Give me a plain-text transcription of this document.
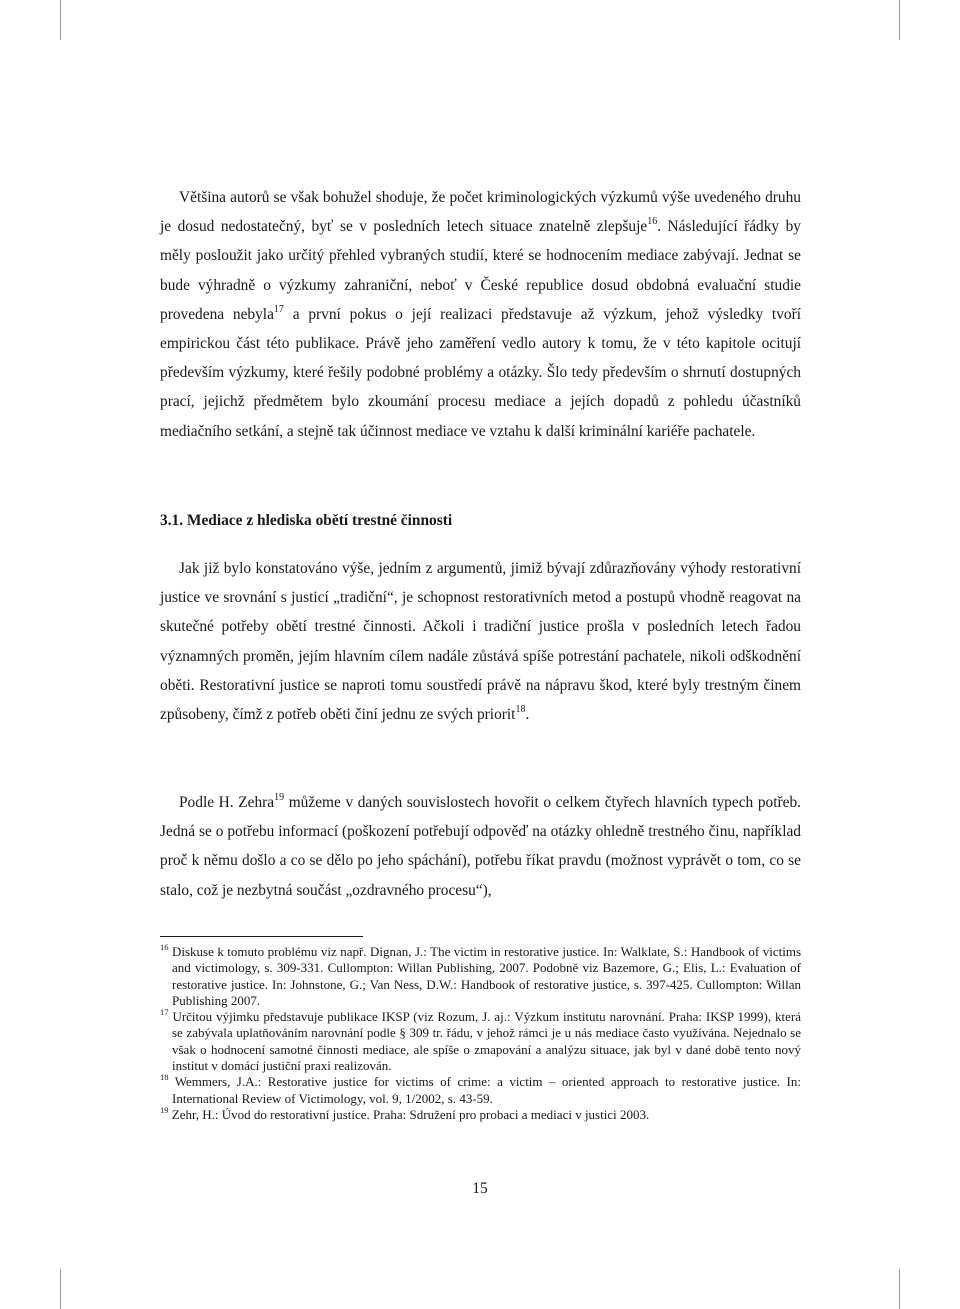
Většina autorů se však bohužel shoduje, že počet kriminologických výzkumů výše uvedeného druhu je dosud nedostatečný, byť se v posledních letech situace znatelně zlepšuje$^{16}$. Následující řádky by měly posloužit jako určitý přehled vybraných studií, které se hodnocením mediace zabývají. Jednat se bude výhradně o výzkumy zahraniční, neboť v České republice dosud obdobná evaluační studie provedena nebyla$^{17}$ a první pokus o její realizaci představuje až výzkum, jehož výsledky tvoří empirickou část této publikace. Právě jeho zaměření vedlo autory k tomu, že v této kapitole ocitují především výzkumy, které řešily podobné problémy a otázky. Šlo tedy především o shrnutí dostupných prací, jejichž předmětem bylo zkoumání procesu mediace a jejích dopadů z pohledu účastníků mediačního setkání, a stejně tak účinnost mediace ve vztahu k další kriminální kariéře pachatele.

3.1. Mediace z hlediska obětí trestné činnosti

Jak již bylo konstatováno výše, jedním z argumentů, jimiž bývají zdůrazňovány výhody restorativní justice ve srovnání s justicí „tradiční“, je schopnost restorativních metod a postupů vhodně reagovat na skutečné potřeby obětí trestné činnosti. Ačkoli i tradiční justice prošla v posledních letech řadou významných proměn, jejím hlavním cílem nadále zůstává spíše potrestání pachatele, nikoli odškodnění oběti. Restorativní justice se naproti tomu soustředí právě na nápravu škod, které byly trestným činem způsobeny, čímž z potřeb oběti činí jednu ze svých priorit$^{18}$.

Podle H. Zehra$^{19}$ můžeme v daných souvislostech hovořit o celkem čtyřech hlavních typech potřeb. Jedná se o potřebu informací (poškození potřebují odpověď na otázky ohledně trestného činu, například proč k němu došlo a co se dělo po jeho spáchání), potřebu říkat pravdu (možnost vyprávět o tom, co se stalo, což je nezbytná součást „ozdravného procesu“),

$^{16}$ Diskuse k tomuto problému viz např. Dignan, J.: The victim in restorative justice. In: Walklate, S.: Handbook of victims and victimology, s. 309-331. Cullompton: Willan Publishing, 2007. Podobně viz Bazemore, G.; Elis, L.: Evaluation of restorative justice. In: Johnstone, G.; Van Ness, D.W.: Handbook of restorative justice, s. 397-425. Cullompton: Willan Publishing 2007.

$^{17}$ Určitou výjimku představuje publikace IKSP (viz Rozum, J. aj.: Výzkum institutu narovnání. Praha: IKSP 1999), která se zabývala uplatňováním narovnání podle § 309 tr. řádu, v jehož rámci je u nás mediace často využívána. Nejednalo se však o hodnocení samotné činnosti mediace, ale spíše o zmapování a analýzu situace, jak byl v dané době tento nový institut v domácí justiční praxi realizován.

$^{18}$ Wemmers, J.A.: Restorative justice for victims of crime: a victim – oriented approach to restorative justice. In: International Review of Victimology, vol. 9, 1/2002, s. 43-59.

$^{19}$ Zehr, H.: Úvod do restorativní justice. Praha: Sdružení pro probaci a mediaci v justici 2003.

15
